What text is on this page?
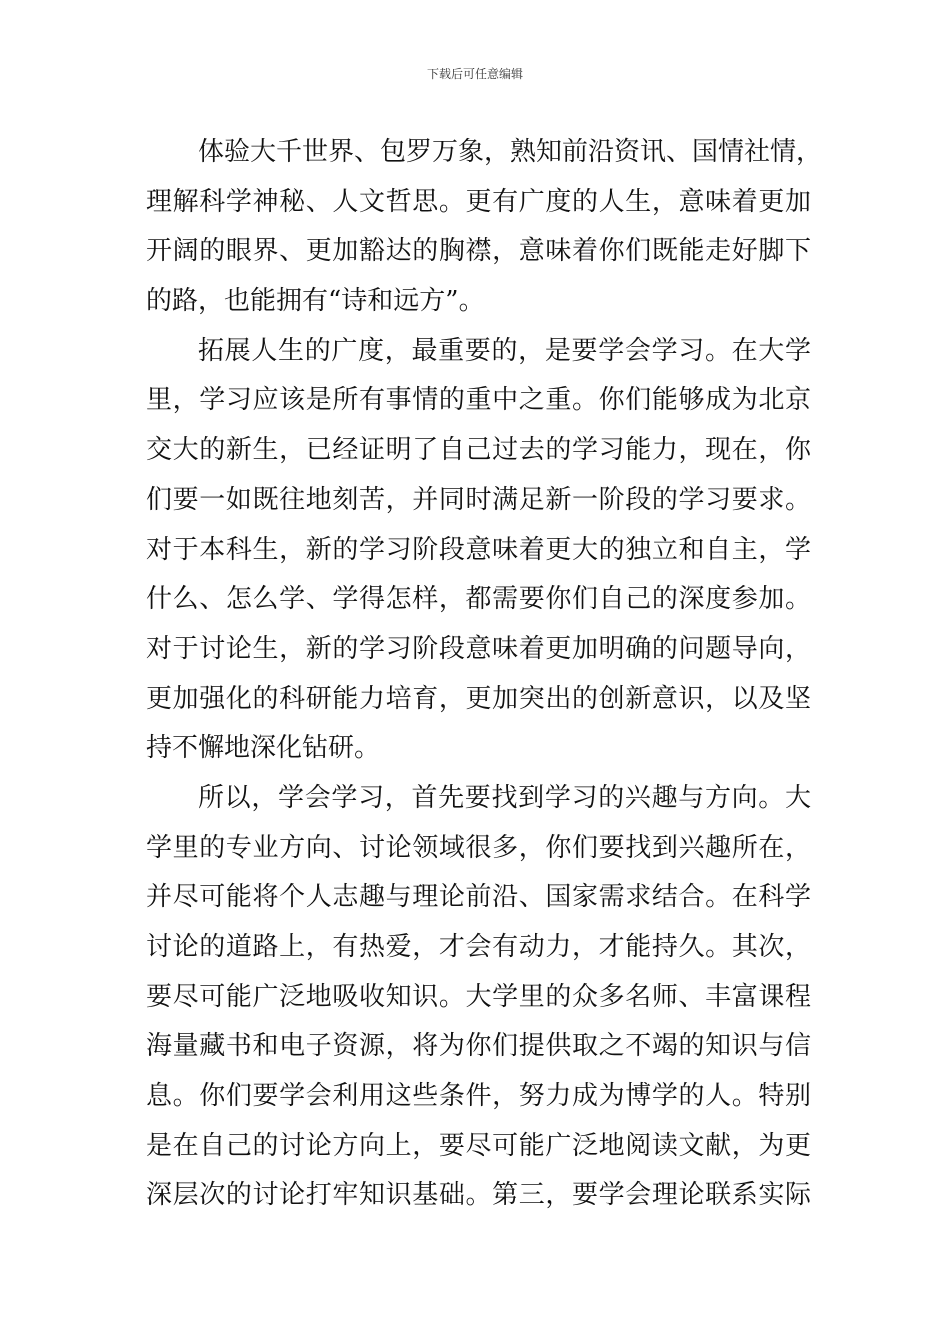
下载后可任意编辑
体验大千世界、包罗万象，熟知前沿资讯、国情社情，
理解科学神秘、人文哲思。更有广度的人生，意味着更加
开阔的眼界、更加豁达的胸襟，意味着你们既能走好脚下
的路，也能拥有“诗和远方”。
拓展人生的广度，最重要的，是要学会学习。在大学
里，学习应该是所有事情的重中之重。你们能够成为北京
交大的新生，已经证明了自己过去的学习能力，现在，你
们要一如既往地刻苦，并同时满足新一阶段的学习要求。
对于本科生，新的学习阶段意味着更大的独立和自主，学
什么、怎么学、学得怎样，都需要你们自己的深度参加。
对于讨论生，新的学习阶段意味着更加明确的问题导向，
更加强化的科研能力培育，更加突出的创新意识，以及坚
持不懈地深化钻研。
所以，学会学习，首先要找到学习的兴趣与方向。大
学里的专业方向、讨论领域很多，你们要找到兴趣所在，
并尽可能将个人志趣与理论前沿、国家需求结合。在科学
讨论的道路上，有热爱，才会有动力，才能持久。其次，
要尽可能广泛地吸收知识。大学里的众多名师、丰富课程
海量藏书和电子资源，将为你们提供取之不竭的知识与信
息。你们要学会利用这些条件，努力成为博学的人。特别
是在自己的讨论方向上，要尽可能广泛地阅读文献，为更
深层次的讨论打牢知识基础。第三，要学会理论联系实际
